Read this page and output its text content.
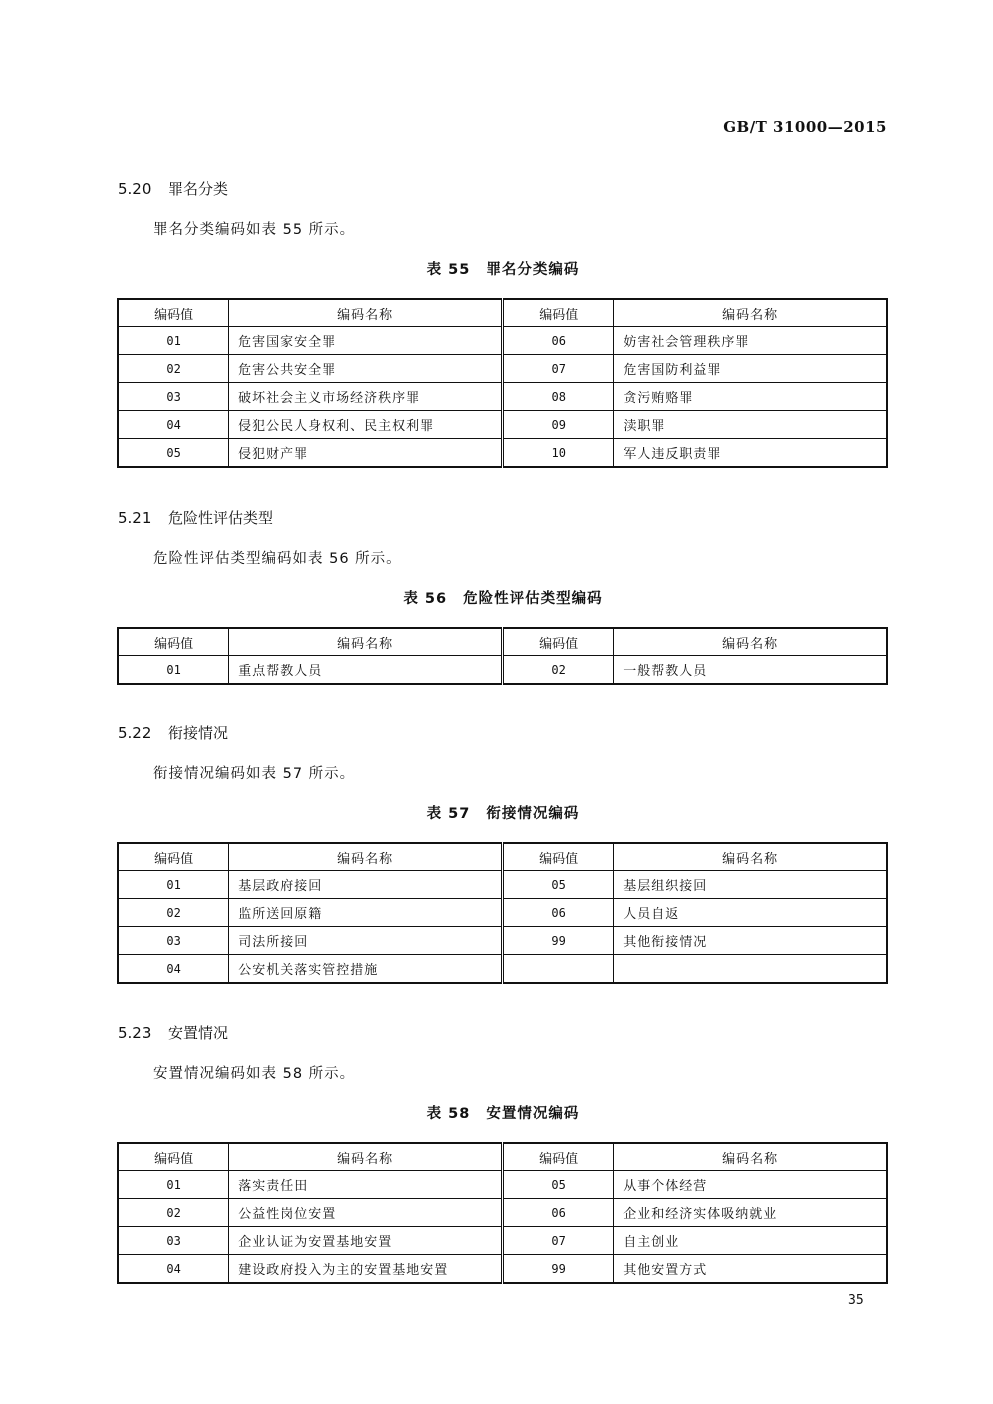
GB/T 31000—2015
5.20 罪名分类
罪名分类编码如表 55 所示。
表 55 罪名分类编码
编码值	编码名称	编码值	编码名称
01	危害国家安全罪	06	妨害社会管理秩序罪
02	危害公共安全罪	07	危害国防利益罪
03	破坏社会主义市场经济秩序罪	08	贪污贿赂罪
04	侵犯公民人身权利、民主权利罪	09	渎职罪
05	侵犯财产罪	10	军人违反职责罪
5.21 危险性评估类型
危险性评估类型编码如表 56 所示。
表 56 危险性评估类型编码
编码值	编码名称	编码值	编码名称
01	重点帮教人员	02	一般帮教人员
5.22 衔接情况
衔接情况编码如表 57 所示。
表 57 衔接情况编码
编码值	编码名称	编码值	编码名称
01	基层政府接回	05	基层组织接回
02	监所送回原籍	06	人员自返
03	司法所接回	99	其他衔接情况
04	公安机关落实管控措施		
5.23 安置情况
安置情况编码如表 58 所示。
表 58 安置情况编码
编码值	编码名称	编码值	编码名称
01	落实责任田	05	从事个体经营
02	公益性岗位安置	06	企业和经济实体吸纳就业
03	企业认证为安置基地安置	07	自主创业
04	建设政府投入为主的安置基地安置	99	其他安置方式
35
